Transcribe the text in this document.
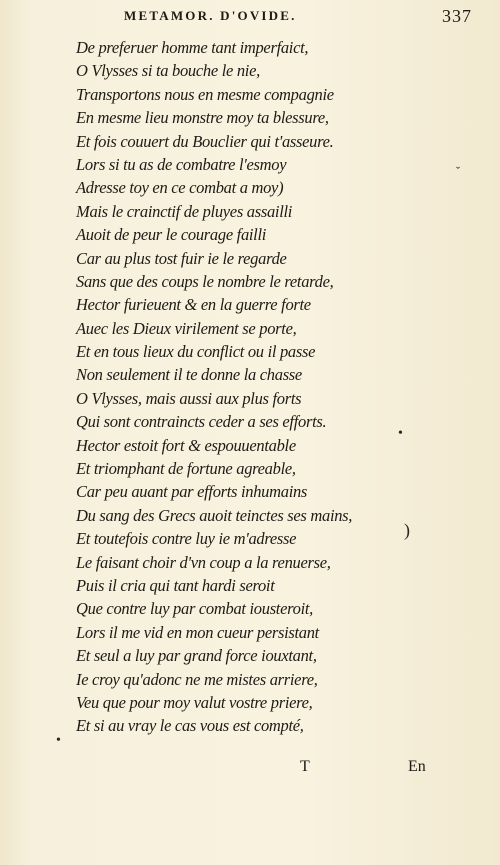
METAMOR. D'OVIDE.	337
De preferuer homme tant imperfaict,
O Vlysses si ta bouche le nie,
Transportons nous en mesme compagnie
En mesme lieu monstre moy ta blessure,
Et fois couuert du Bouclier qui t'asseure.
Lors si tu as de combatre l'esmoy
Adresse toy en ce combat a moy)
Mais le crainctif de pluyes assailli
Auoit de peur le courage failli
Car au plus tost fuir ie le regarde
Sans que des coups le nombre le retarde,
Hector furieuent & en la guerre forte
Auec les Dieux virilement se porte,
Et en tous lieux du conflict ou il passe
Non seulement il te donne la chasse
O Vlysses, mais aussi aux plus forts
Qui sont contraincts ceder a ses efforts.
Hector estoit fort & espouuentable
Et triomphant de fortune agreable,
Car peu auant par efforts inhumains
Du sang des Grecs auoit teinctes ses mains,
Et toutefois contre luy ie m'adresse
Le faisant choir d'vn coup a la renuerse,
Puis il cria qui tant hardi seroit
Que contre luy par combat iousteroit,
Lors il me vid en mon cueur persistant
Et seul a luy par grand force iouxtant,
Ie croy qu'adonc ne me mistes arriere,
Veu que pour moy valut vostre priere,
Et si au vray le cas vous est compté,
ˇ
•
)
•
T	En
